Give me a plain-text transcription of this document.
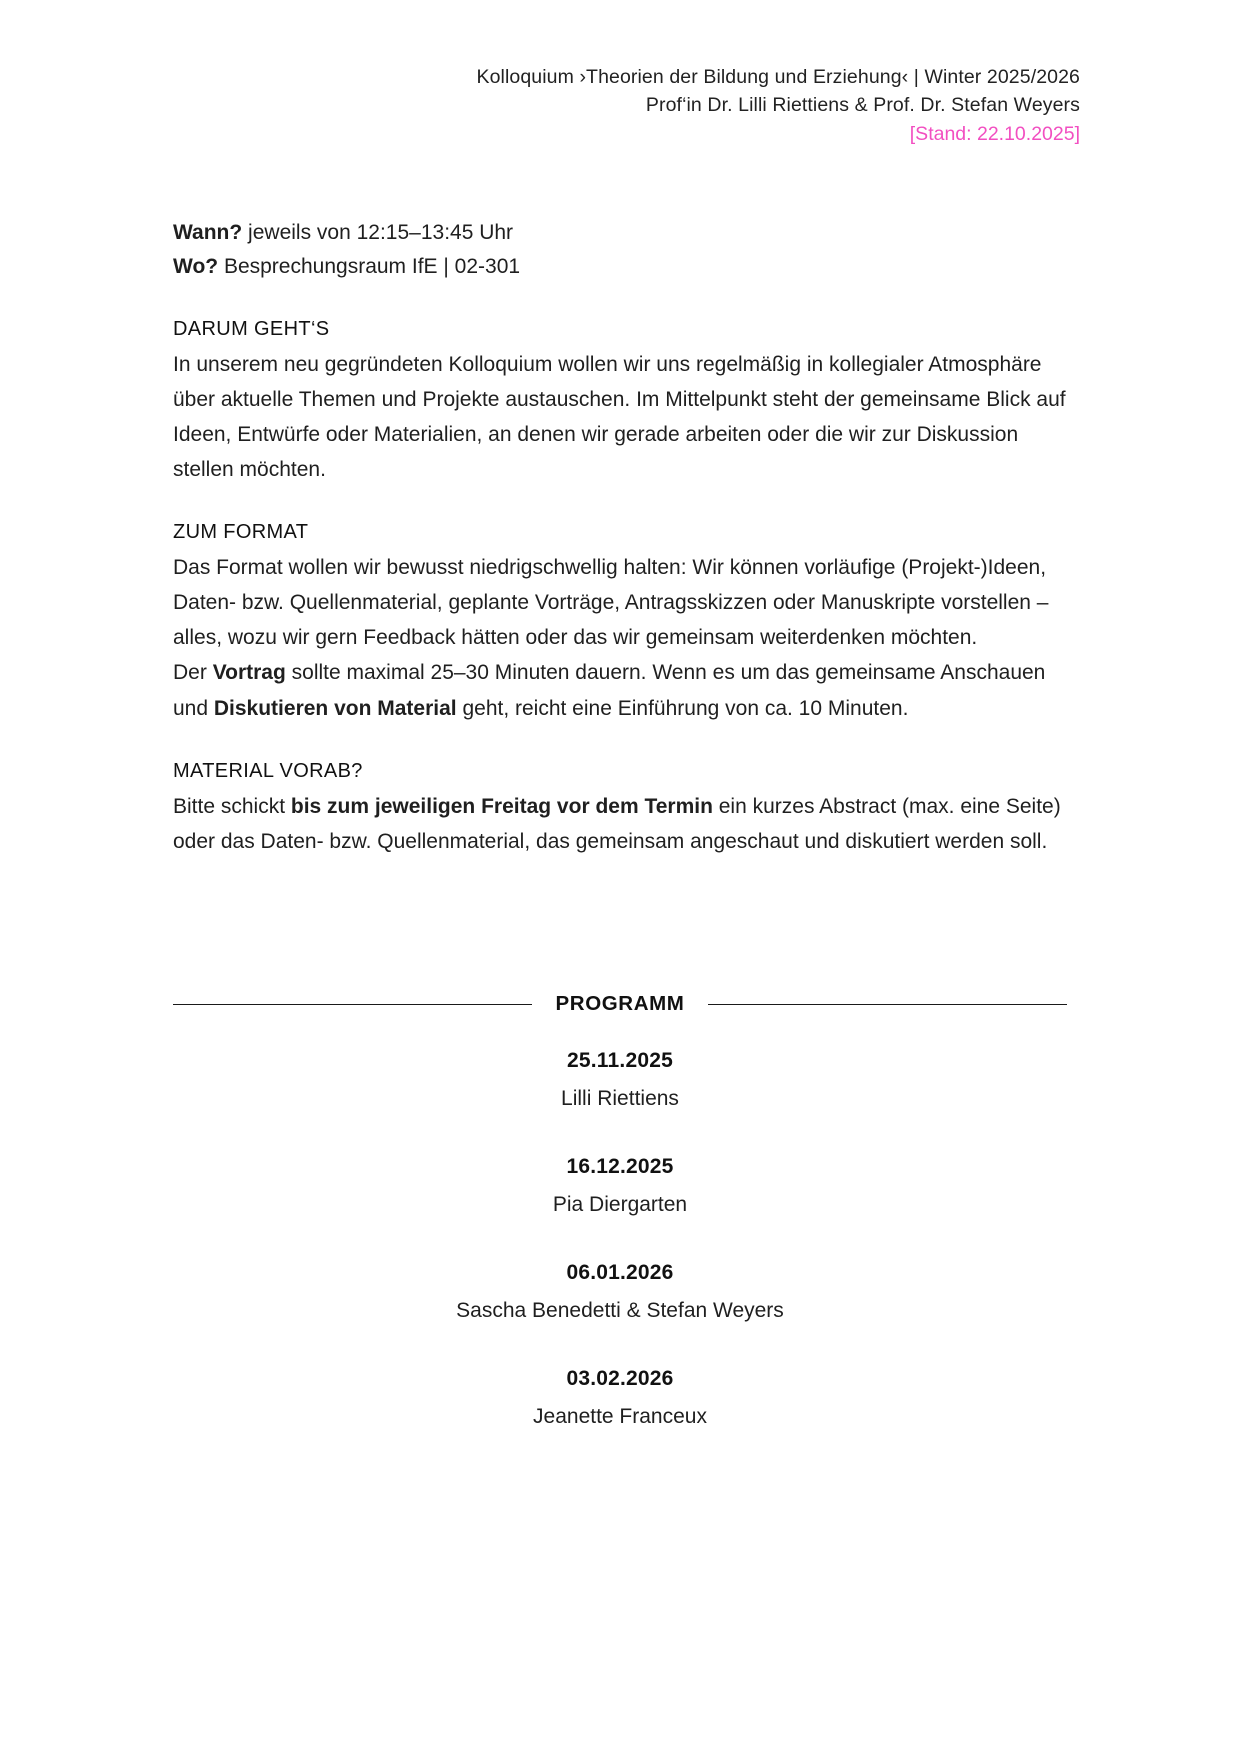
Kolloquium ›Theorien der Bildung und Erziehung‹ | Winter 2025/2026
Prof‘in Dr. Lilli Riettiens & Prof. Dr. Stefan Weyers
[Stand: 22.10.2025]
Wann? jeweils von 12:15–13:45 Uhr
Wo? Besprechungsraum IfE | 02-301
DARUM GEHT‘S
In unserem neu gegründeten Kolloquium wollen wir uns regelmäßig in kollegialer Atmosphäre über aktuelle Themen und Projekte austauschen. Im Mittelpunkt steht der gemeinsame Blick auf Ideen, Entwürfe oder Materialien, an denen wir gerade arbeiten oder die wir zur Diskussion stellen möchten.
ZUM FORMAT
Das Format wollen wir bewusst niedrigschwellig halten: Wir können vorläufige (Projekt-)Ideen, Daten- bzw. Quellenmaterial, geplante Vorträge, Antragsskizzen oder Manuskripte vorstellen – alles, wozu wir gern Feedback hätten oder das wir gemeinsam weiterdenken möchten.
Der Vortrag sollte maximal 25–30 Minuten dauern. Wenn es um das gemeinsame Anschauen und Diskutieren von Material geht, reicht eine Einführung von ca. 10 Minuten.
MATERIAL VORAB?
Bitte schickt bis zum jeweiligen Freitag vor dem Termin ein kurzes Abstract (max. eine Seite) oder das Daten- bzw. Quellenmaterial, das gemeinsam angeschaut und diskutiert werden soll.
PROGRAMM
25.11.2025
Lilli Riettiens
16.12.2025
Pia Diergarten
06.01.2026
Sascha Benedetti & Stefan Weyers
03.02.2026
Jeanette Franceux
